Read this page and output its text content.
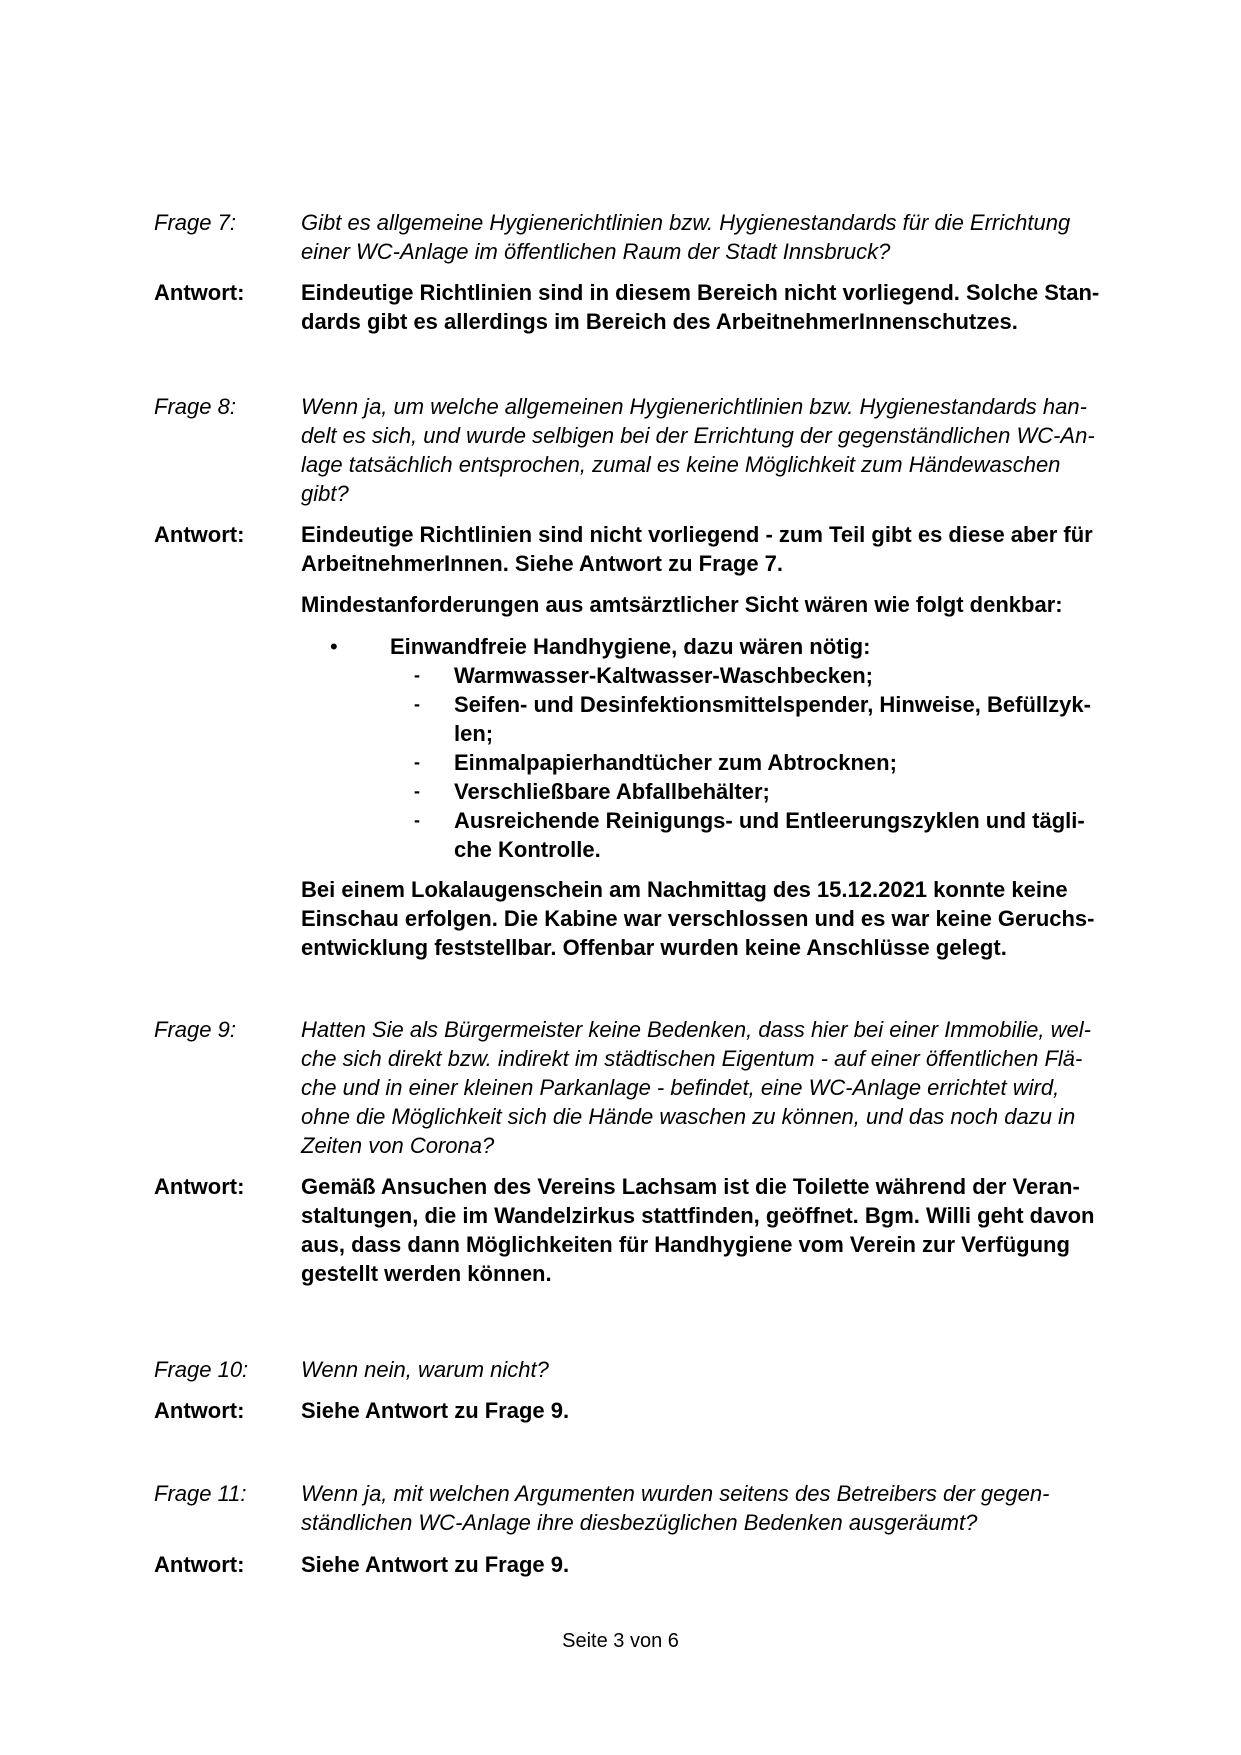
Frage 7:	Gibt es allgemeine Hygienerichtlinien bzw. Hygienestandards für die Errichtung
einer WC-Anlage im öffentlichen Raum der Stadt Innsbruck?
Antwort:	Eindeutige Richtlinien sind in diesem Bereich nicht vorliegend. Solche Stan-
dards gibt es allerdings im Bereich des ArbeitnehmerInnenschutzes.
Frage 8:	Wenn ja, um welche allgemeinen Hygienerichtlinien bzw. Hygienestandards han-
delt es sich, und wurde selbigen bei der Errichtung der gegenständlichen WC-An-
lage tatsächlich entsprochen, zumal es keine Möglichkeit zum Händewaschen
gibt?
Antwort:	Eindeutige Richtlinien sind nicht vorliegend - zum Teil gibt es diese aber für
ArbeitnehmerInnen. Siehe Antwort zu Frage 7.
Mindestanforderungen aus amtsärztlicher Sicht wären wie folgt denkbar:
• Einwandfreie Handhygiene, dazu wären nötig:
- Warmwasser-Kaltwasser-Waschbecken;
- Seifen- und Desinfektionsmittelspender, Hinweise, Befüllzyk-
len;
- Einmalpapierhandtücher zum Abtrocknen;
- Verschließbare Abfallbehälter;
- Ausreichende Reinigungs- und Entleerungszyklen und tägli-
che Kontrolle.
Bei einem Lokalaugenschein am Nachmittag des 15.12.2021 konnte keine
Einschau erfolgen. Die Kabine war verschlossen und es war keine Geruchs-
entwicklung feststellbar. Offenbar wurden keine Anschlüsse gelegt.
Frage 9:	Hatten Sie als Bürgermeister keine Bedenken, dass hier bei einer Immobilie, wel-
che sich direkt bzw. indirekt im städtischen Eigentum - auf einer öffentlichen Flä-
che und in einer kleinen Parkanlage - befindet, eine WC-Anlage errichtet wird,
ohne die Möglichkeit sich die Hände waschen zu können, und das noch dazu in
Zeiten von Corona?
Antwort:	Gemäß Ansuchen des Vereins Lachsam ist die Toilette während der Veran-
staltungen, die im Wandelzirkus stattfinden, geöffnet. Bgm. Willi geht davon
aus, dass dann Möglichkeiten für Handhygiene vom Verein zur Verfügung
gestellt werden können.
Frage 10: Wenn nein, warum nicht?
Antwort:	Siehe Antwort zu Frage 9.
Frage 11: Wenn ja, mit welchen Argumenten wurden seitens des Betreibers der gegen-
ständlichen WC-Anlage ihre diesbezüglichen Bedenken ausgeräumt?
Antwort:	Siehe Antwort zu Frage 9.
Seite 3 von 6
